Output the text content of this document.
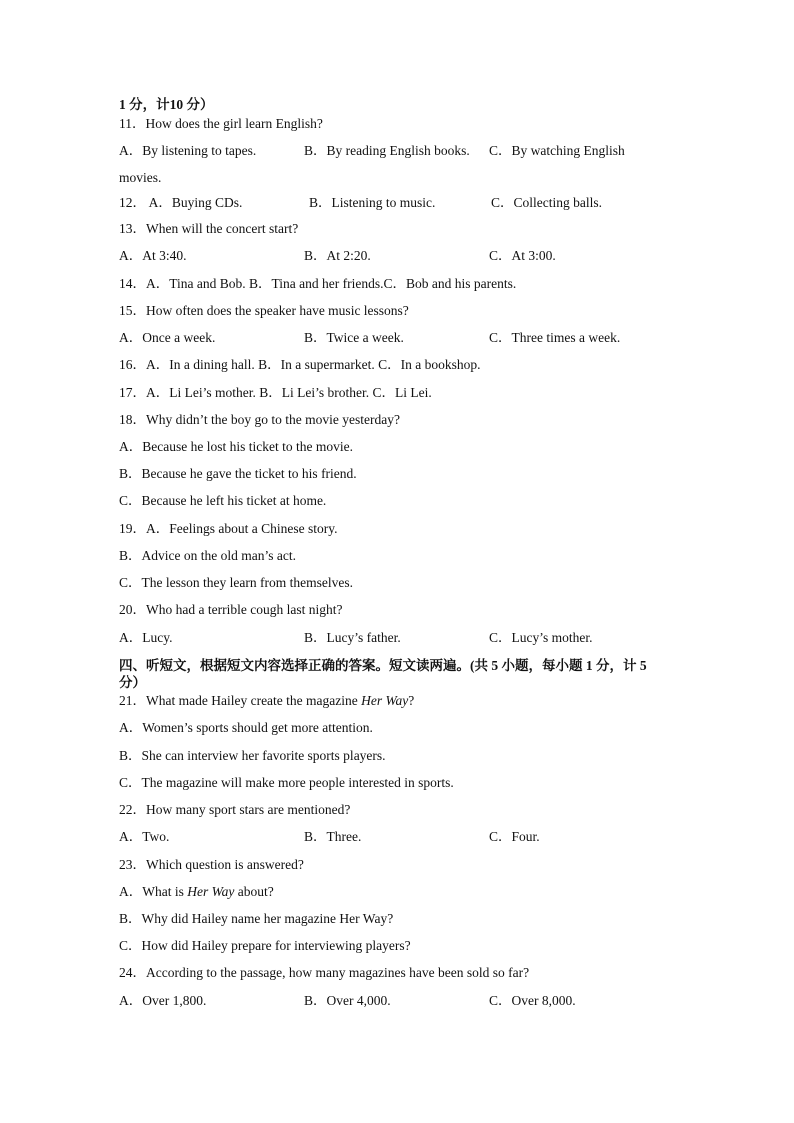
1 分，计10 分）
11．How does the girl learn English?
A．By listening to tapes.	B．By reading English books. C．By watching English
movies.
12． A．Buying CDs.	B．Listening to music.	C．Collecting balls.
13．When will the concert start?
A．At 3:40.	B．At 2:20.	C．At 3:00.
14．A．Tina and Bob. B．Tina and her friends.C．Bob and his parents.
15．How often does the speaker have music lessons?
A．Once a week.	B．Twice a week.	C．Three times a week.
16．A．In a dining hall. B．In a supermarket. C．In a bookshop.
17．A．Li Lei’s mother. B．Li Lei’s brother. C．Li Lei.
18．Why didn’t the boy go to the movie yesterday?
A．Because he lost his ticket to the movie.
B．Because he gave the ticket to his friend.
C．Because he left his ticket at home.
19．A．Feelings about a Chinese story.
B．Advice on the old man’s act.
C．The lesson they learn from themselves.
20．Who had a terrible cough last night?
A．Lucy.	B．Lucy’s father.	C．Lucy’s mother.
四、听短文，根据短文内容选择正确的答案。短文读两遍。(共 5 小题，每小题 1 分，计 5
分）
21．What made Hailey create the magazine Her Way?
A．Women’s sports should get more attention.
B．She can interview her favorite sports players.
C．The magazine will make more people interested in sports.
22．How many sport stars are mentioned?
A．Two.	B．Three.	C．Four.
23．Which question is answered?
A．What is Her Way about?
B．Why did Hailey name her magazine Her Way?
C．How did Hailey prepare for interviewing players?
24．According to the passage, how many magazines have been sold so far?
A．Over 1,800.	B．Over 4,000.	C．Over 8,000.
